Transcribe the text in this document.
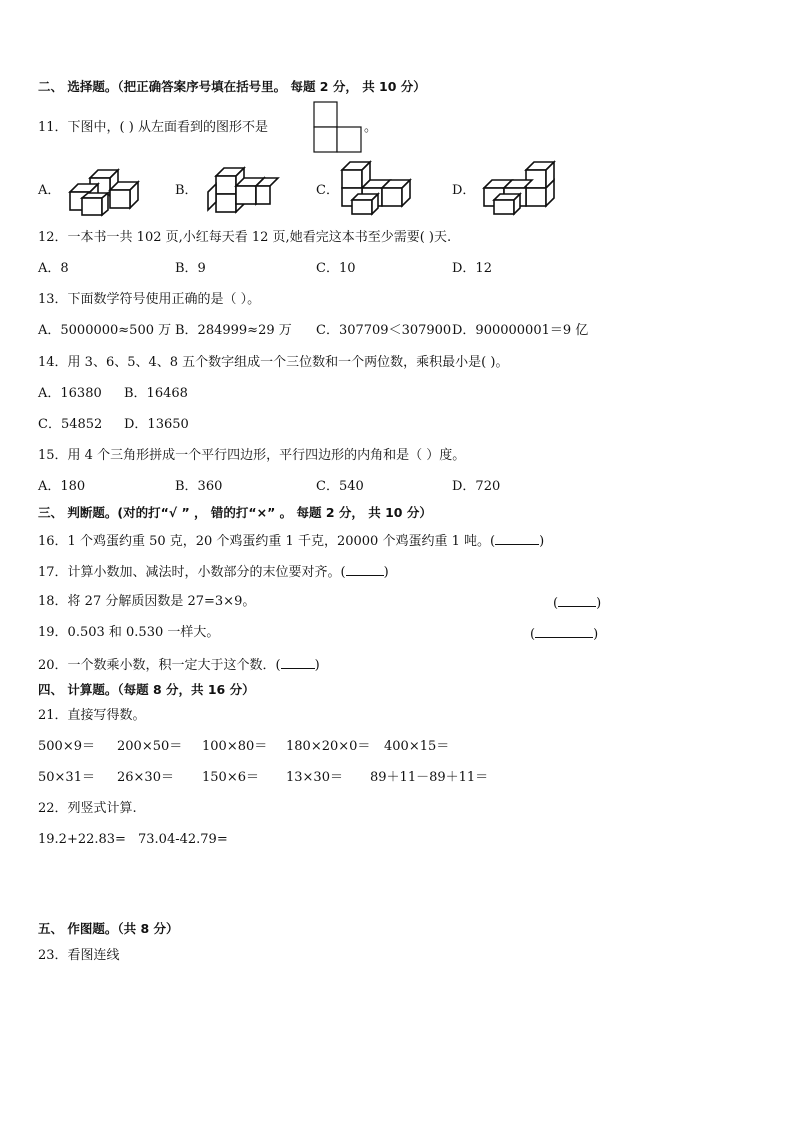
二、 选择题。（把正确答案序号填在括号里。 每题 2 分， 共 10 分）
11．下图中，( ) 从左面看到的图形不是	。
A．	B．	C．	D．
12．一本书一共 102 页,小红每天看 12 页,她看完这本书至少需要( )天.
A．8	B．9	C．10	D．12
13．下面数学符号使用正确的是（ ）。
A．5000000≈500 万 B．284999≈29 万 C．307709＜307900 D．900000001＝9 亿
14．用 3、6、5、4、8 五个数字组成一个三位数和一个两位数，乘积最小是( )。
A．16380 B．16468
C．54852 D．13650
15．用 4 个三角形拼成一个平行四边形，平行四边形的内角和是（ ）度。
A．180	B．360	C．540	D．720
三、 判断题。(对的打“√ ” ， 错的打“×” 。 每题 2 分， 共 10 分）
16．1 个鸡蛋约重 50 克，20 个鸡蛋约重 1 千克，20000 个鸡蛋约重 1 吨。(	)
17．计算小数加、减法时，小数部分的末位要对齐。(	)
18．将 27 分解质因数是 27=3×9。	(	)
19．0.503 和 0.530 一样大。	(	)
20．一个数乘小数，积一定大于这个数．(	)
四、 计算题。（每题 8 分，共 16 分）
21．直接写得数。
500×9＝ 200×50＝ 100×80＝ 180×20×0＝ 400×15＝
50×31＝ 26×30＝ 150×6＝ 13×30＝ 89＋11－89＋11＝
22．列竖式计算.
19.2+22.83= 73.04-42.79=
五、 作图题。（共 8 分）
23．看图连线
